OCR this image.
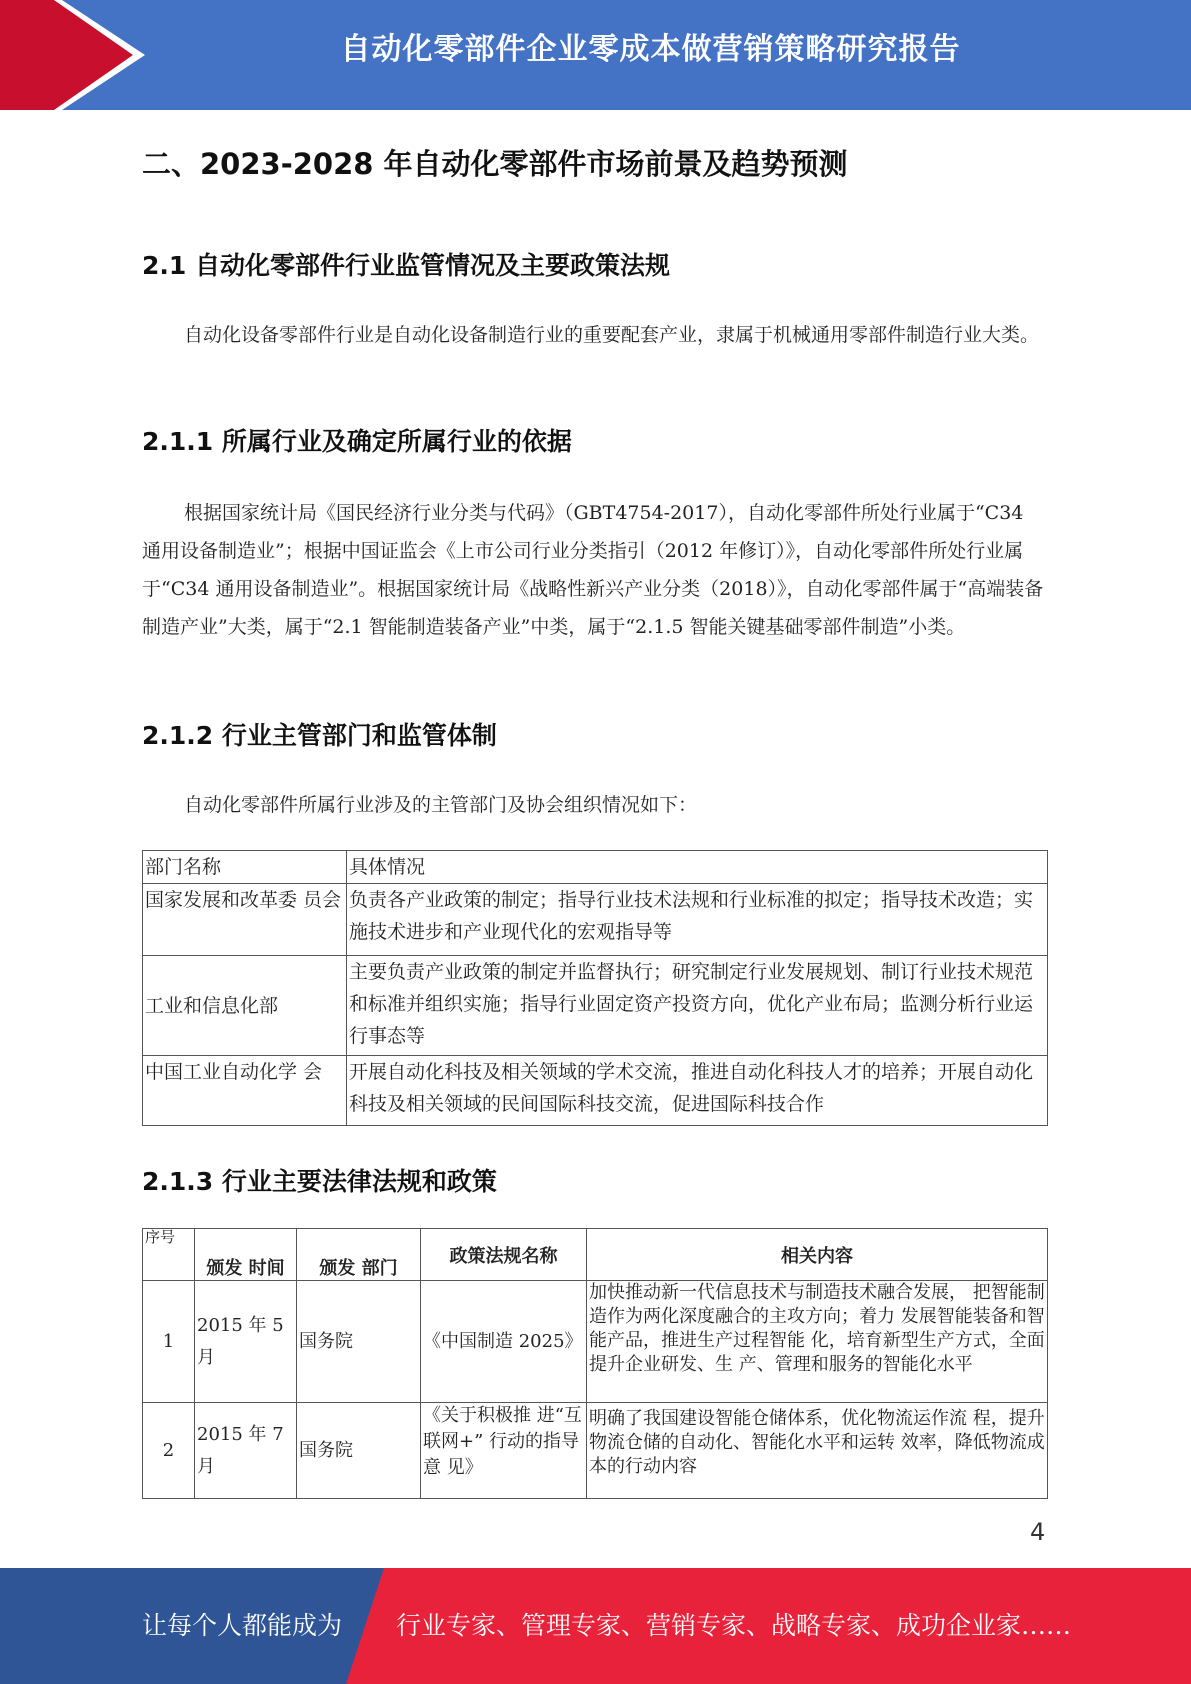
自动化零部件企业零成本做营销策略研究报告
二、2023-2028 年自动化零部件市场前景及趋势预测
2.1 自动化零部件行业监管情况及主要政策法规

自动化设备零部件行业是自动化设备制造行业的重要配套产业，隶属于机械通用零部件制造行业大类。

2.1.1 所属行业及确定所属行业的依据

根据国家统计局《国民经济行业分类与代码》（GBT4754-2017），自动化零部件所处行业属于“C34 通用设备制造业”；根据中国证监会《上市公司行业分类指引（2012 年修订）》，自动化零部件所处行业属于“C34 通用设备制造业”。根据国家统计局《战略性新兴产业分类（2018）》，自动化零部件属于“高端装备制造产业”大类，属于“2.1 智能制造装备产业”中类，属于“2.1.5 智能关键基础零部件制造”小类。

2.1.2 行业主管部门和监管体制

自动化零部件所属行业涉及的主管部门及协会组织情况如下：

部门名称	具体情况
国家发展和改革委 员会	负责各产业政策的制定；指导行业技术法规和行业标准的拟定；指导技术改造；实施技术进步和产业现代化的宏观指导等
工业和信息化部	主要负责产业政策的制定并监督执行；研究制定行业发展规划、制订行业技术规范和标准并组织实施；指导行业固定资产投资方向，优化产业布局；监测分析行业运行事态等
中国工业自动化学 会	开展自动化科技及相关领域的学术交流，推进自动化科技人才的培养；开展自动化科技及相关领域的民间国际科技交流，促进国际科技合作
2.1.3 行业主要法律法规和政策
序号	颁发 时间	颁发 部门	政策法规名称	相关内容
1	2015 年 5 月	国务院	《中国制造 2025》	加快推动新一代信息技术与制造技术融合发展， 把智能制造作为两化深度融合的主攻方向；着力 发展智能装备和智能产品，推进生产过程智能 化，培育新型生产方式，全面提升企业研发、生 产、管理和服务的智能化水平
2	2015 年 7 月	国务院	《关于积极推 进“互联网+” 行动的指导意 见》	明确了我国建设智能仓储体系，优化物流运作流 程，提升物流仓储的自动化、智能化水平和运转 效率，降低物流成本的行动内容
4
让每个人都能成为 行业专家、管理专家、营销专家、战略专家、成功企业家……
